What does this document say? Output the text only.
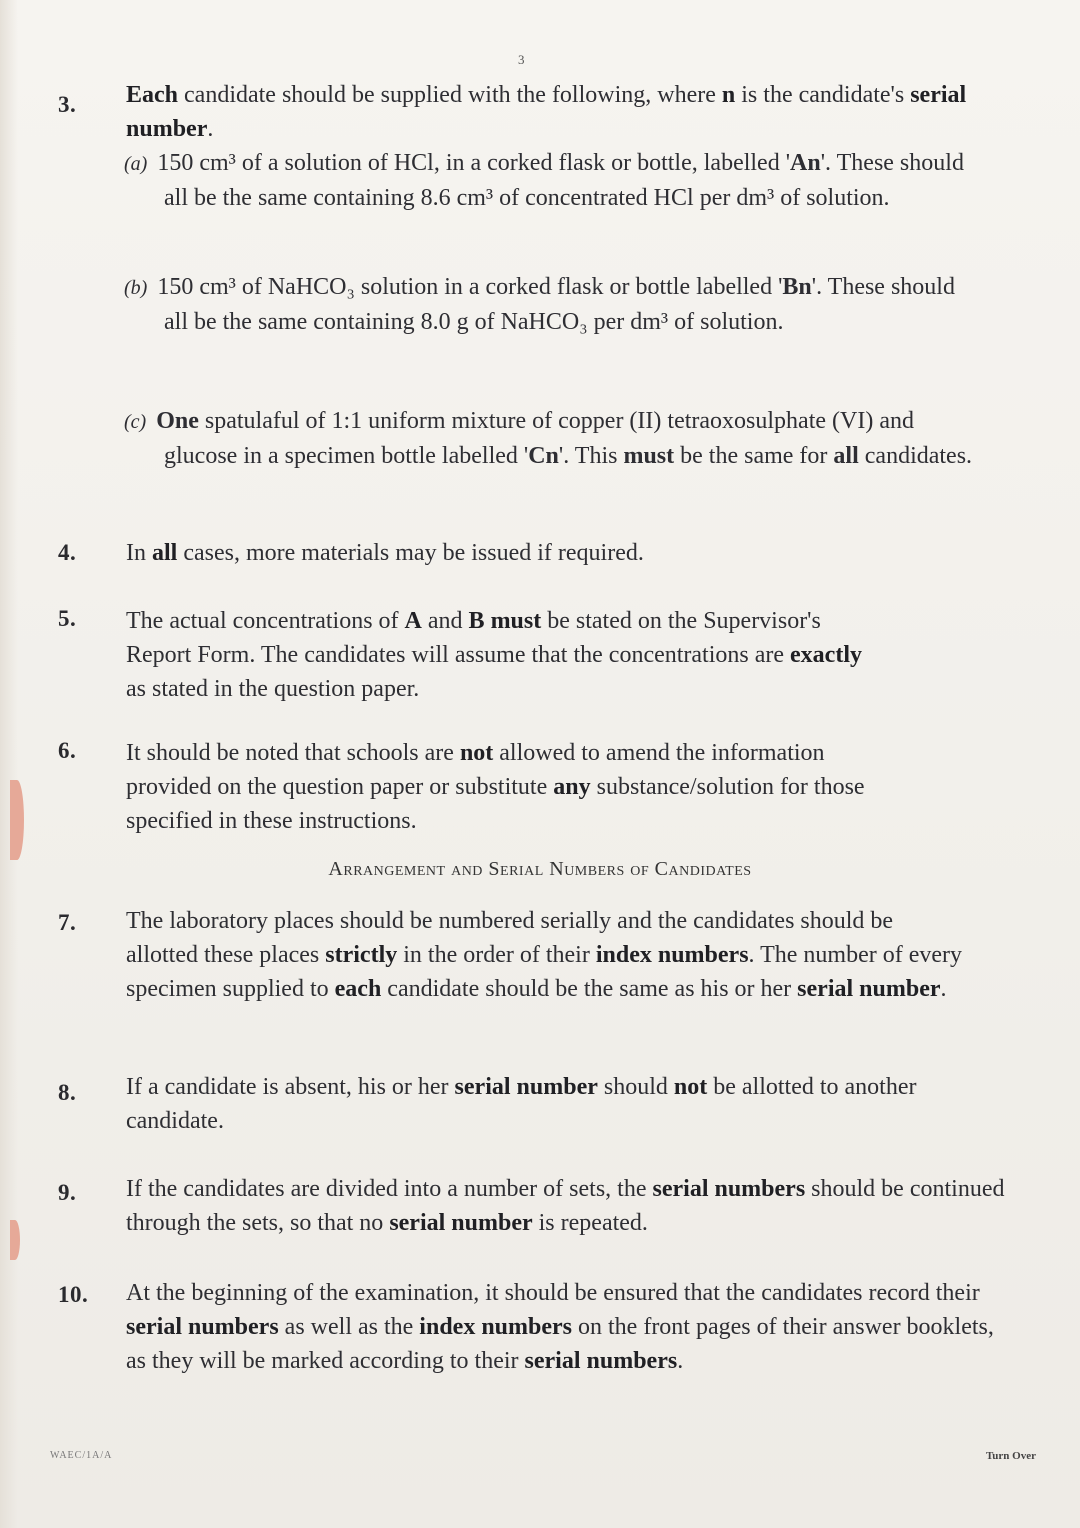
3
3. Each candidate should be supplied with the following, where n is the candidate's serial number.
(a) 150 cm³ of a solution of HCl, in a corked flask or bottle, labelled 'An'. These should all be the same containing 8.6 cm³ of concentrated HCl per dm³ of solution.
(b) 150 cm³ of NaHCO₃ solution in a corked flask or bottle labelled 'Bn'. These should all be the same containing 8.0 g of NaHCO₃ per dm³ of solution.
(c) One spatulaful of 1:1 uniform mixture of copper (II) tetraoxosulphate (VI) and glucose in a specimen bottle labelled 'Cn'. This must be the same for all candidates.
4. In all cases, more materials may be issued if required.
5. The actual concentrations of A and B must be stated on the Supervisor's Report Form. The candidates will assume that the concentrations are exactly as stated in the question paper.
6. It should be noted that schools are not allowed to amend the information provided on the question paper or substitute any substance/solution for those specified in these instructions.
Arrangement and Serial Numbers of Candidates
7. The laboratory places should be numbered serially and the candidates should be allotted these places strictly in the order of their index numbers. The number of every specimen supplied to each candidate should be the same as his or her serial number.
8. If a candidate is absent, his or her serial number should not be allotted to another candidate.
9. If the candidates are divided into a number of sets, the serial numbers should be continued through the sets, so that no serial number is repeated.
10. At the beginning of the examination, it should be ensured that the candidates record their serial numbers as well as the index numbers on the front pages of their answer booklets, as they will be marked according to their serial numbers.
WAEC/1A/A	Turn Over
